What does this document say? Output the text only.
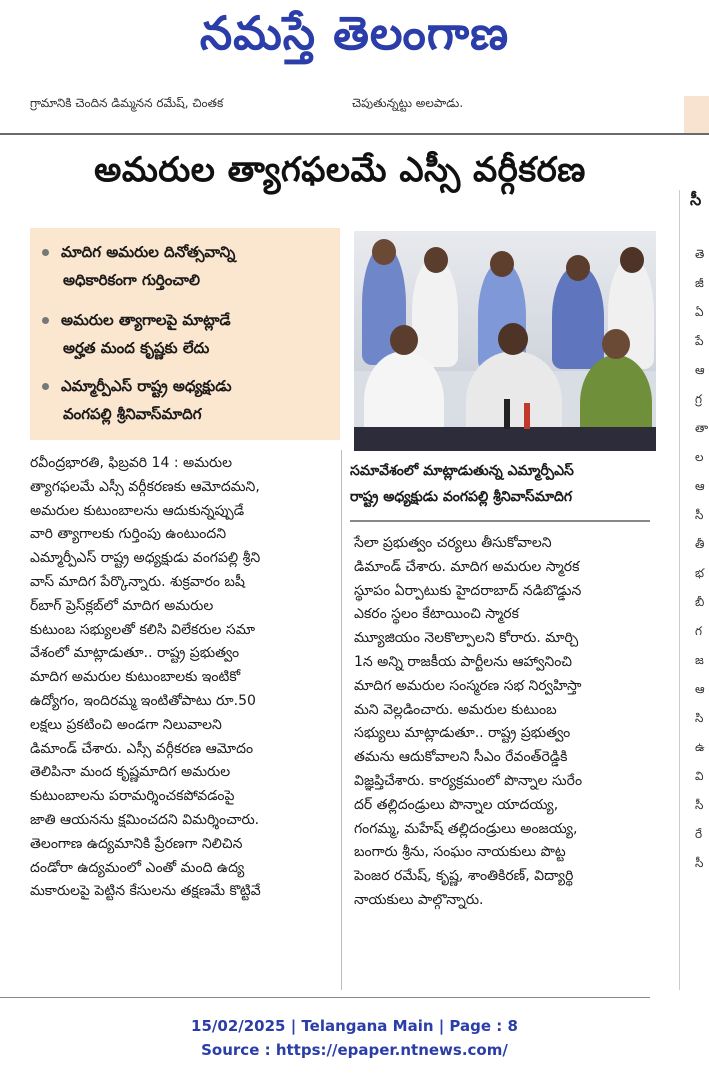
నమస్తే తెలంగాణ
గ్రామానికి చెందిన డిమ్మనన రమేష్, చింతక	చెపుతున్నట్టు అలపాడు.
అమరుల త్యాగఫలమే ఎస్సీ వర్గీకరణ
సీ
మాదిగ అమరుల దినోత్సవాన్ని
అధికారికంగా గుర్తించాలి
అమరుల త్యాగాలపై మాట్లాడే
అర్హత మంద కృష్ణకు లేదు
ఎమ్మార్పీఎస్ రాష్ట్ర అధ్యక్షుడు
వంగపల్లి శ్రీనివాస్‌మాదిగ
సమావేశంలో మాట్లాడుతున్న ఎమ్మార్పీఎస్
రాష్ట్ర అధ్యక్షుడు వంగపల్లి శ్రీనివాస్‌మాదిగ
రవీంద్రభారతి, ఫిబ్రవరి 14 : అమరుల
త్యాగఫలమే ఎస్సీ వర్గీకరణకు ఆమోదమని,
అమరుల కుటుంబాలను ఆదుకున్నప్పుడే
వారి త్యాగాలకు గుర్తింపు ఉంటుందని
ఎమ్మార్పీఎస్ రాష్ట్ర అధ్యక్షుడు వంగపల్లి శ్రీని
వాస్ మాదిగ పేర్కొన్నారు. శుక్రవారం బషీ
ర్‌బాగ్ ప్రెస్‌క్లబ్‌లో మాదిగ అమరుల
కుటుంబ సభ్యులతో కలిసి విలేకరుల సమా
వేశంలో మాట్లాడుతూ.. రాష్ట్ర ప్రభుత్వం
మాదిగ అమరుల కుటుంబాలకు ఇంటికో
ఉద్యోగం, ఇందిరమ్మ ఇంటితోపాటు రూ.50
లక్షలు ప్రకటించి అండగా నిలువాలని
డిమాండ్ చేశారు. ఎస్సీ వర్గీకరణ ఆమోదం
తెలిపినా మంద కృష్ణమాదిగ అమరుల
కుటుంబాలను పరామర్శించకపోవడంపై
జాతి ఆయనను క్షమించదని విమర్శించారు.
తెలంగాణ ఉద్యమానికి ప్రేరణగా నిలిచిన
దండోరా ఉద్యమంలో ఎంతో మంది ఉద్య
మకారులపై పెట్టిన కేసులను తక్షణమే కొట్టివే
సేలా ప్రభుత్వం చర్యలు తీసుకోవాలని
డిమాండ్ చేశారు. మాదిగ అమరుల స్మారక
స్థూపం ఏర్పాటుకు హైదరాబాద్ నడిబొడ్డున
ఎకరం స్థలం కేటాయించి స్మారక
మ్యూజియం నెలకొల్పాలని కోరారు. మార్చి
1న అన్ని రాజకీయ పార్టీలను ఆహ్వానించి
మాదిగ అమరుల సంస్మరణ సభ నిర్వహిస్తా
మని వెల్లడించారు. అమరుల కుటుంబ
సభ్యులు మాట్లాడుతూ.. రాష్ట్ర ప్రభుత్వం
తమను ఆదుకోవాలని సీఎం రేవంత్‌రెడ్డికి
విజ్ఞప్తిచేశారు. కార్యక్రమంలో పొన్నాల సురేం
దర్ తల్లిదండ్రులు పొన్నాల యాదయ్య,
గంగమ్మ, మహేష్ తల్లిదండ్రులు అంజయ్య,
బంగారు శ్రీను, సంఘం నాయకులు పొట్ట
పెంజర రమేష్, కృష్ణ, శాంతికిరణ్, విద్యార్థి
నాయకులు పాల్గొన్నారు.
తె
జీ
ఏ
పే
ఆ
గ్ర
తా
ల
ఆ
సీ
తీ
భ
బీ
గ
జ
ఆ
సి
ఉ
వి
సీ
రే
సీ
15/02/2025 | Telangana Main | Page : 8
Source : https://epaper.ntnews.com/
